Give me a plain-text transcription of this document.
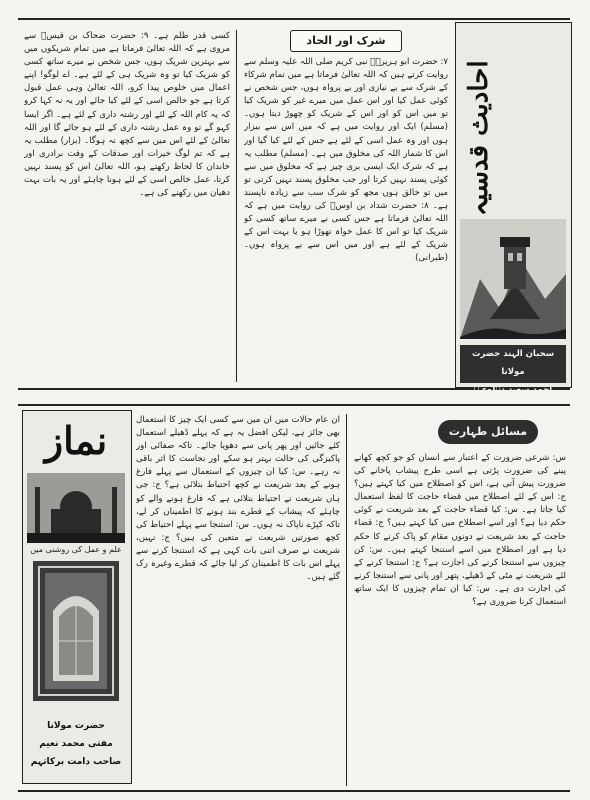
احادیث قدسیہ
سحبان الہند حضرت مولانا
احمد سعید دہلویؒ
شرک اور الحاد

۷: حضرت ابو ہریرہؓ نبی کریم صلی اللہ علیہ وسلم سے روایت کرتے ہیں کہ اللہ تعالیٰ فرماتا ہے میں تمام شرکاء کے شرک سے بے نیازی اور بے پرواہ ہوں، جس شخص نے کوئی عمل کیا اور اس عمل میں میرے غیر کو شریک کیا تو میں اس کو اور اس کے شریک کو چھوڑ دیتا ہوں۔ (مسلم) ایک اور روایت میں ہے کہ میں اس سے بیزار ہوں اور وہ عمل اسی کے لئے ہے جس کے لئے کیا گیا اور اس کا شمار اللہ کی مخلوق میں ہے۔ (مسلم) مطلب یہ ہے کہ شرک ایک ایسی بری چیز ہے کہ مخلوق میں سے کوئی پسند نہیں کرتا اور جب مخلوق پسند نہیں کرتی تو میں تو خالق ہوں مجھ کو شرک سب سے زیادہ ناپسند ہے۔ ۸: حضرت شداد بن اوسؓ کی روایت میں ہے کہ اللہ تعالیٰ فرماتا ہے جس کسی نے میرے ساتھ کسی کو شریک کیا تو اس کا عمل خواہ تھوڑا ہو یا بہت اس کے شریک کے لئے ہے اور میں اس سے بے پرواہ ہوں۔ (طبرانی)

کسی قدر ظلم ہے۔ ۹: حضرت ضحاک بن قیسؓ سے مروی ہے کہ اللہ تعالیٰ فرماتا ہے میں تمام شریکوں میں سے بہترین شریک ہوں، جس شخص نے میرے ساتھ کسی کو شریک کیا تو وہ شریک ہی کے لئے ہے۔ اے لوگو! اپنے اعمال میں خلوص پیدا کرو، اللہ تعالیٰ وہی عمل قبول کرتا ہے جو خالص اسی کے لئے کیا جائے اور یہ نہ کہا کرو کہ یہ کام اللہ کے لئے اور رشتہ داری کے لئے ہے۔ اگر ایسا کہو گے تو وہ عمل رشتہ داری کے لئے ہو جائے گا اور اللہ تعالیٰ کے لئے اس میں سے کچھ نہ ہوگا۔ (بزار) مطلب یہ ہے کہ تم لوگ خیرات اور صدقات کے وقت برادری اور خاندان کا لحاظ رکھتے ہو، اللہ تعالیٰ اس کو پسند نہیں کرتا، عمل خالص اسی کے لئے ہونا چاہئے اور یہ بات بہت دھیان میں رکھنے کی ہے۔

نماز
علم و عمل کی روشنی میں
حضرت مولانا
مفتی محمد نعیم صاحب دامت برکاتہم
مسائل طہارت

س: شرعی ضرورت کے اعتبار سے انسان کو جو کچھ کھانے پینے کی ضرورت پڑتی ہے اسی طرح پیشاب پاخانے کی ضرورت پیش آتی ہے، اس کو اصطلاح میں کیا کہتے ہیں؟ ج: اس کے لئے اصطلاح میں قضاء حاجت کا لفظ استعمال کیا جاتا ہے۔ س: کیا قضاء حاجت کے بعد شریعت نے کوئی حکم دیا ہے؟ اور اسے اصطلاح میں کیا کہتے ہیں؟ ج: قضاء حاجت کے بعد شریعت نے دونوں مقام کو پاک کرنے کا حکم دیا ہے اور اصطلاح میں اسے استنجا کہتے ہیں۔ س: کن چیزوں سے استنجا کرنے کی اجازت ہے؟ ج: استنجا کرنے کے لئے شریعت نے مٹی کے ڈھیلے، پتھر اور پانی سے استنجا کرنے کی اجازت دی ہے۔ س: کیا ان تمام چیزوں کا ایک ساتھ استعمال کرنا ضروری ہے؟

ان عام حالات میں ان میں سے کسی ایک چیز کا استعمال بھی جائز ہے، لیکن افضل یہ ہے کہ پہلے ڈھیلے استعمال کئے جائیں اور پھر پانی سے دھویا جائے۔ تاکہ صفائی اور پاکیزگی کی حالت بہتر ہو سکے اور نجاست کا اثر باقی نہ رہے۔ س: کیا ان چیزوں کے استعمال سے پہلے فارغ ہونے کے بعد شریعت نے کچھ احتیاط بتلائی ہے؟ ج: جی ہاں شریعت نے احتیاط بتلائی ہے کہ فارغ ہونے والے کو چاہئے کہ پیشاب کے قطرے بند ہونے کا اطمینان کر لے، تاکہ کپڑے ناپاک نہ ہوں۔ س: استنجا سے پہلے احتیاط کی کچھ صورتیں شریعت نے متعین کی ہیں؟ ج: نہیں، شریعت نے صرف اتنی بات کہی ہے کہ استنجا کرنے سے پہلے اس بات کا اطمینان کر لیا جائے کہ قطرے وغیرہ رک گئے ہیں۔
